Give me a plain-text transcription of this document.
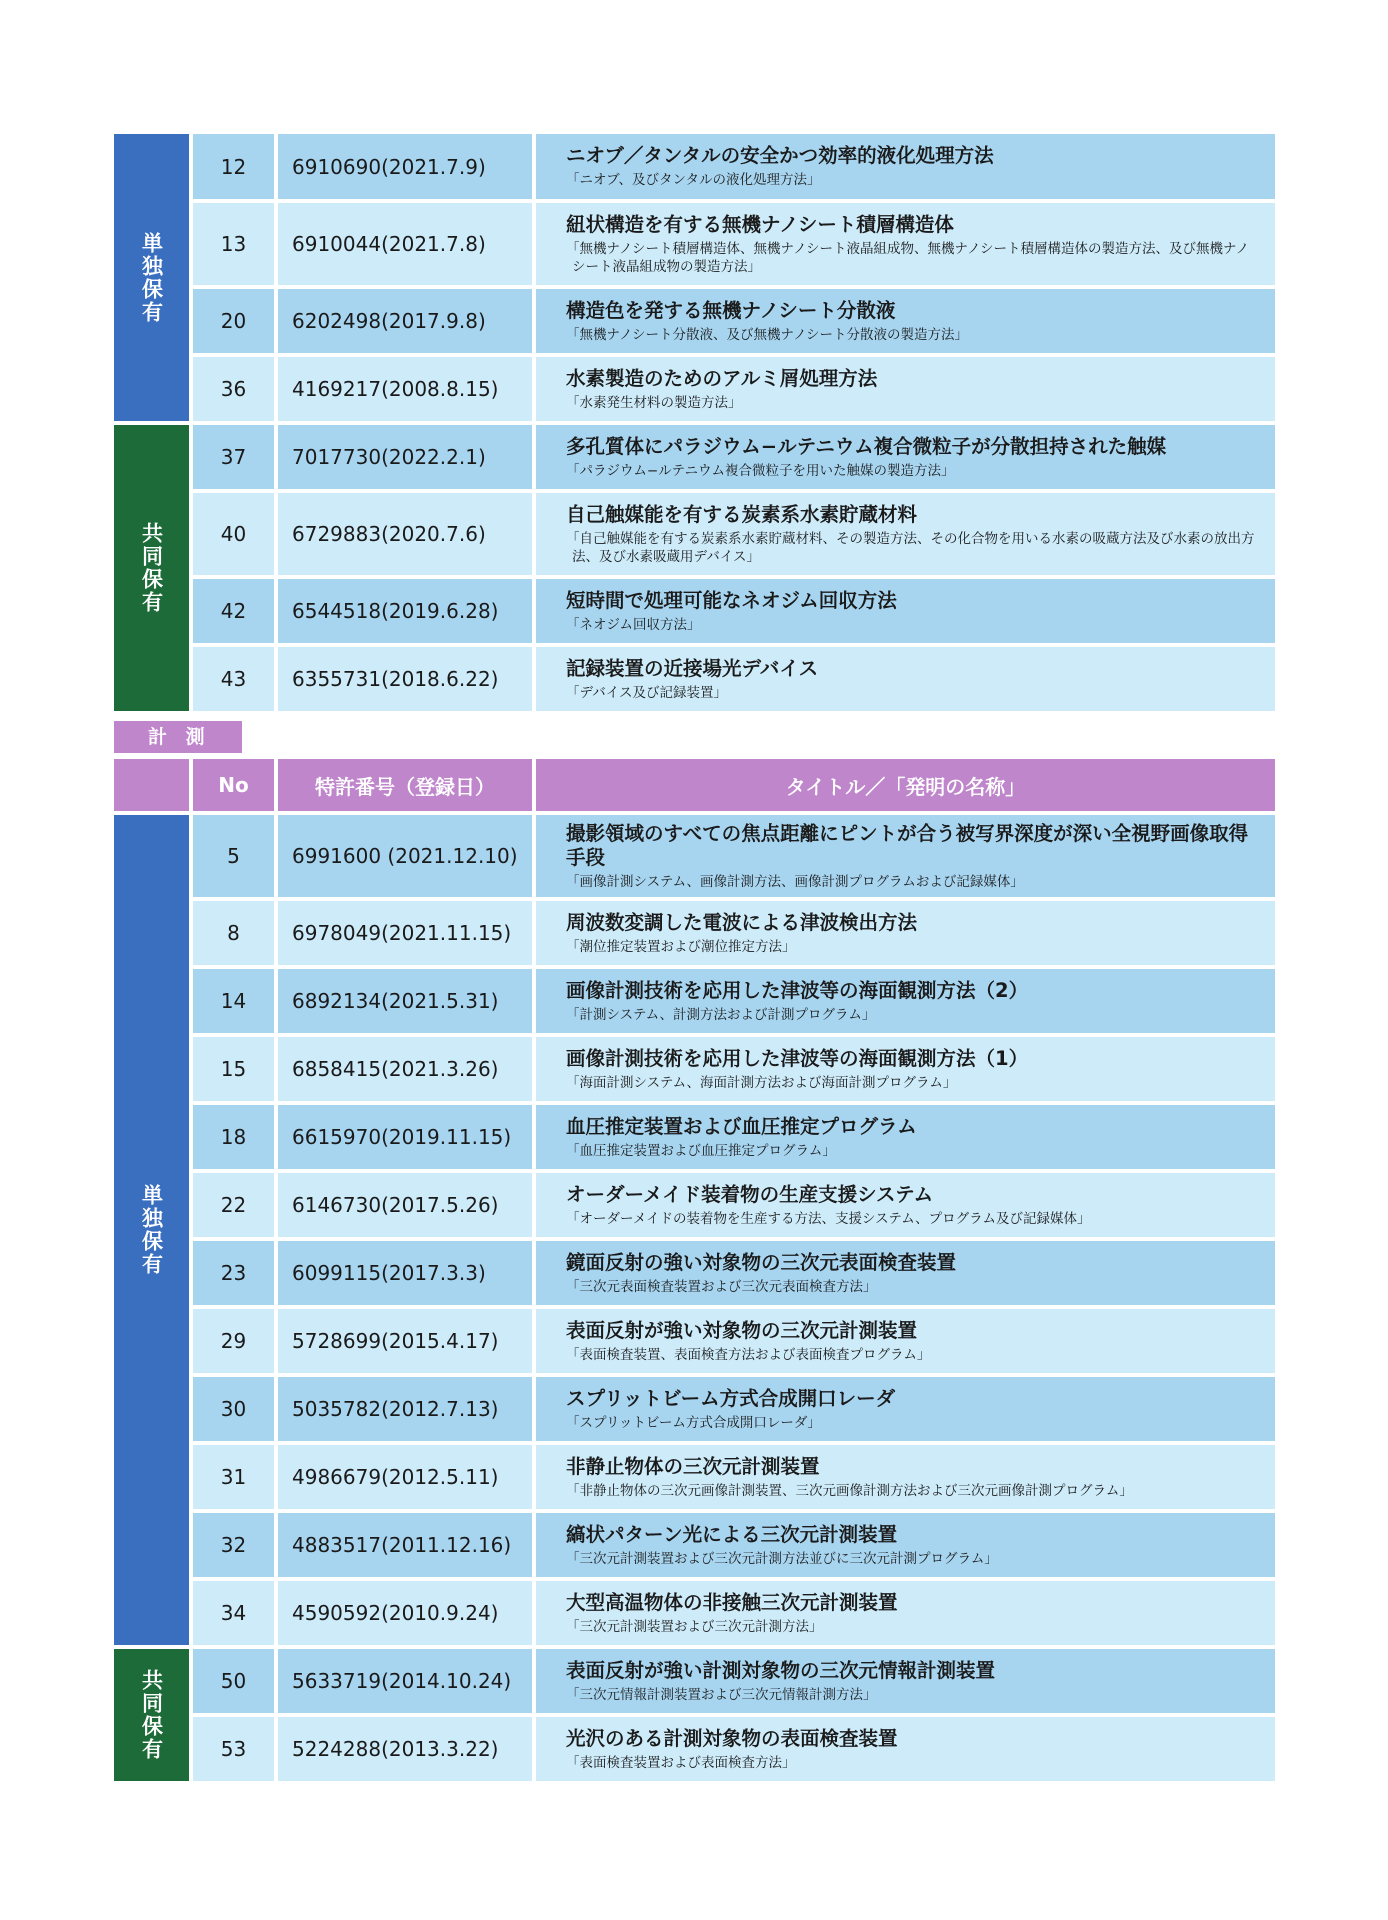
単独保有
12	6910690(2021.7.9)	ニオブ／タンタルの安全かつ効率的液化処理方法
「ニオブ、及びタンタルの液化処理方法」
13	6910044(2021.7.8)
紐状構造を有する無機ナノシート積層構造体
「無機ナノシート積層構造体、無機ナノシート液晶組成物、無機ナノシート積層構造体の製造方法、及び無機ナノシート液晶組成物の製造方法」
20	6202498(2017.9.8)	構造色を発する無機ナノシート分散液
「無機ナノシート分散液、及び無機ナノシート分散液の製造方法」
36	4169217(2008.8.15)	水素製造のためのアルミ屑処理方法
「水素発生材料の製造方法」
共同保有
37	7017730(2022.2.1)	多孔質体にパラジウム−ルテニウム複合微粒子が分散担持された触媒
「パラジウム−ルテニウム複合微粒子を用いた触媒の製造方法」
40	6729883(2020.7.6)
自己触媒能を有する炭素系水素貯蔵材料
「自己触媒能を有する炭素系水素貯蔵材料、その製造方法、その化合物を用いる水素の吸蔵方法及び水素の放出方法、及び水素吸蔵用デバイス」
42	6544518(2019.6.28)	短時間で処理可能なネオジム回収方法
「ネオジム回収方法」
43	6355731(2018.6.22)	記録装置の近接場光デバイス
「デバイス及び記録装置」
計 測
No	特許番号（登録日）	タイトル／「発明の名称」
単独保有
5	6991600 (2021.12.10)
撮影領域のすべての焦点距離にピントが合う被写界深度が深い全視野画像取得手段
「画像計測システム、画像計測方法、画像計測プログラムおよび記録媒体」
8	6978049(2021.11.15)	周波数変調した電波による津波検出方法
「潮位推定装置および潮位推定方法」
14	6892134(2021.5.31)	画像計測技術を応用した津波等の海面観測方法（2）
「計測システム、計測方法および計測プログラム」
15	6858415(2021.3.26)	画像計測技術を応用した津波等の海面観測方法（1）
「海面計測システム、海面計測方法および海面計測プログラム」
18	6615970(2019.11.15)	血圧推定装置および血圧推定プログラム
「血圧推定装置および血圧推定プログラム」
22	6146730(2017.5.26)	オーダーメイド装着物の生産支援システム
「オーダーメイドの装着物を生産する方法、支援システム、プログラム及び記録媒体」
23	6099115(2017.3.3)	鏡面反射の強い対象物の三次元表面検査装置
「三次元表面検査装置および三次元表面検査方法」
29	5728699(2015.4.17)	表面反射が強い対象物の三次元計測装置
「表面検査装置、表面検査方法および表面検査プログラム」
30	5035782(2012.7.13)	スプリットビーム方式合成開口レーダ
「スプリットビーム方式合成開口レーダ」
31	4986679(2012.5.11)	非静止物体の三次元計測装置
「非静止物体の三次元画像計測装置、三次元画像計測方法および三次元画像計測プログラム」
32	4883517(2011.12.16)	縞状パターン光による三次元計測装置
「三次元計測装置および三次元計測方法並びに三次元計測プログラム」
34	4590592(2010.9.24)	大型高温物体の非接触三次元計測装置
「三次元計測装置および三次元計測方法」
共同保有	50	5633719(2014.10.24)	表面反射が強い計測対象物の三次元情報計測装置
「三次元情報計測装置および三次元情報計測方法」
53	5224288(2013.3.22)	光沢のある計測対象物の表面検査装置
「表面検査装置および表面検査方法」
